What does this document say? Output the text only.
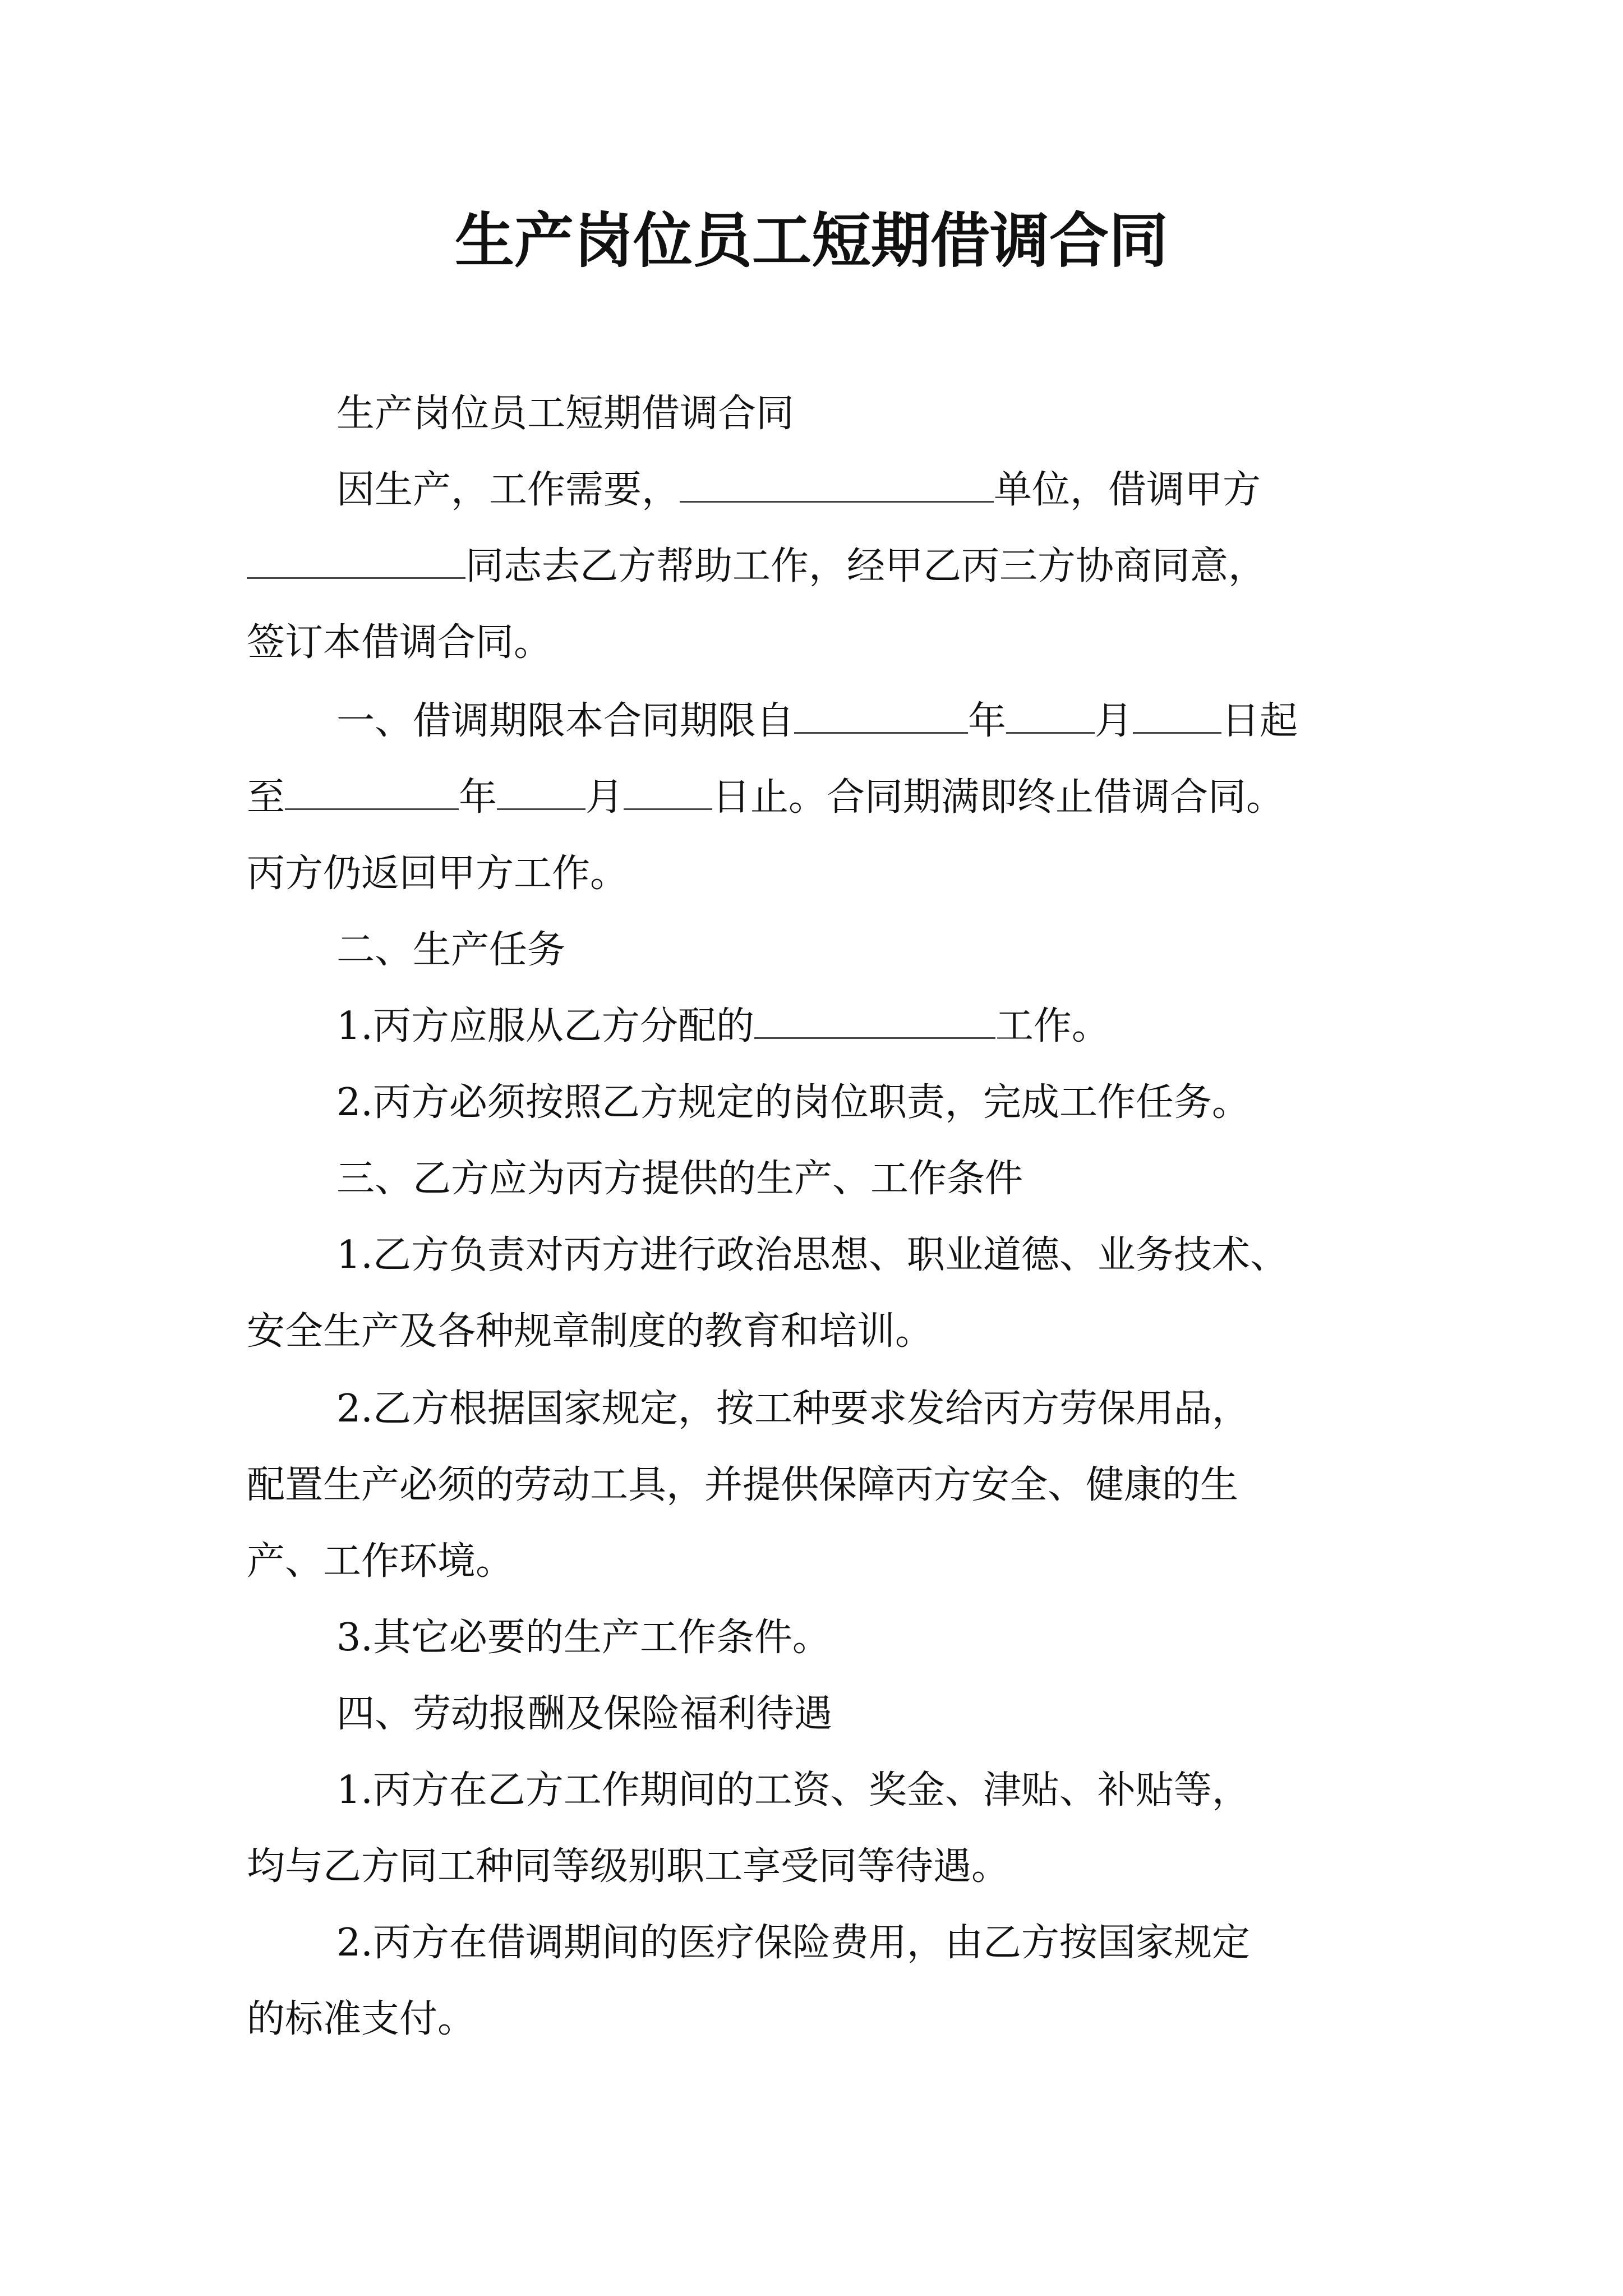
生产岗位员工短期借调合同
生产岗位员工短期借调合同
因生产，工作需要，	单位，借调甲方
同志去乙方帮助工作，经甲乙丙三方协商同意，
签订本借调合同。
一、借调期限本合同期限自	年 月 日起
至	年 月 日止。合同期满即终止借调合同。
丙方仍返回甲方工作。
二、生产任务
1.丙方应服从乙方分配的	工作。
2.丙方必须按照乙方规定的岗位职责，完成工作任务。
三、乙方应为丙方提供的生产、工作条件
1.乙方负责对丙方进行政治思想、职业道德、业务技术、
安全生产及各种规章制度的教育和培训。
2.乙方根据国家规定，按工种要求发给丙方劳保用品，
配置生产必须的劳动工具，并提供保障丙方安全、健康的生
产、工作环境。
3.其它必要的生产工作条件。
四、劳动报酬及保险福利待遇
1.丙方在乙方工作期间的工资、奖金、津贴、补贴等，
均与乙方同工种同等级别职工享受同等待遇。
2.丙方在借调期间的医疗保险费用，由乙方按国家规定
的标准支付。
